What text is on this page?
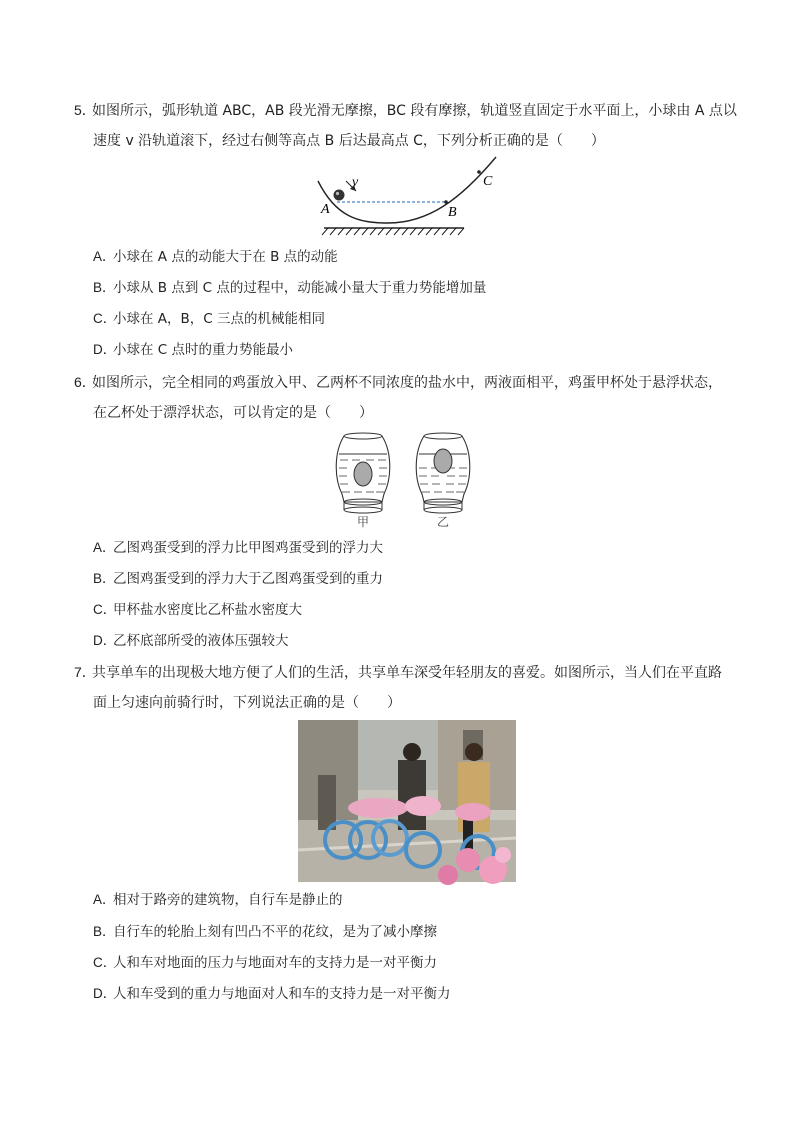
5．如图所示，弧形轨道 ABC，AB 段光滑无摩擦，BC 段有摩擦，轨道竖直固定于水平面上，小球由 A 点以
速度 v 沿轨道滚下，经过右侧等高点 B 后达最高点 C，下列分析正确的是（　　）
v
A	B
C
A．小球在 A 点的动能大于在 B 点的动能
B．小球从 B 点到 C 点的过程中，动能减小量大于重力势能增加量
C．小球在 A，B，C 三点的机械能相同
D．小球在 C 点时的重力势能最小
6．如图所示，完全相同的鸡蛋放入甲、乙两杯不同浓度的盐水中，两液面相平，鸡蛋甲杯处于悬浮状态，
在乙杯处于漂浮状态，可以肯定的是（　　）
甲	乙
A．乙图鸡蛋受到的浮力比甲图鸡蛋受到的浮力大
B．乙图鸡蛋受到的浮力大于乙图鸡蛋受到的重力
C．甲杯盐水密度比乙杯盐水密度大
D．乙杯底部所受的液体压强较大
7．共享单车的出现极大地方便了人们的生活，共享单车深受年轻朋友的喜爱。如图所示，当人们在平直路
面上匀速向前骑行时，下列说法正确的是（　　）
A．相对于路旁的建筑物，自行车是静止的
B．自行车的轮胎上刻有凹凸不平的花纹，是为了减小摩擦
C．人和车对地面的压力与地面对车的支持力是一对平衡力
D．人和车受到的重力与地面对人和车的支持力是一对平衡力
